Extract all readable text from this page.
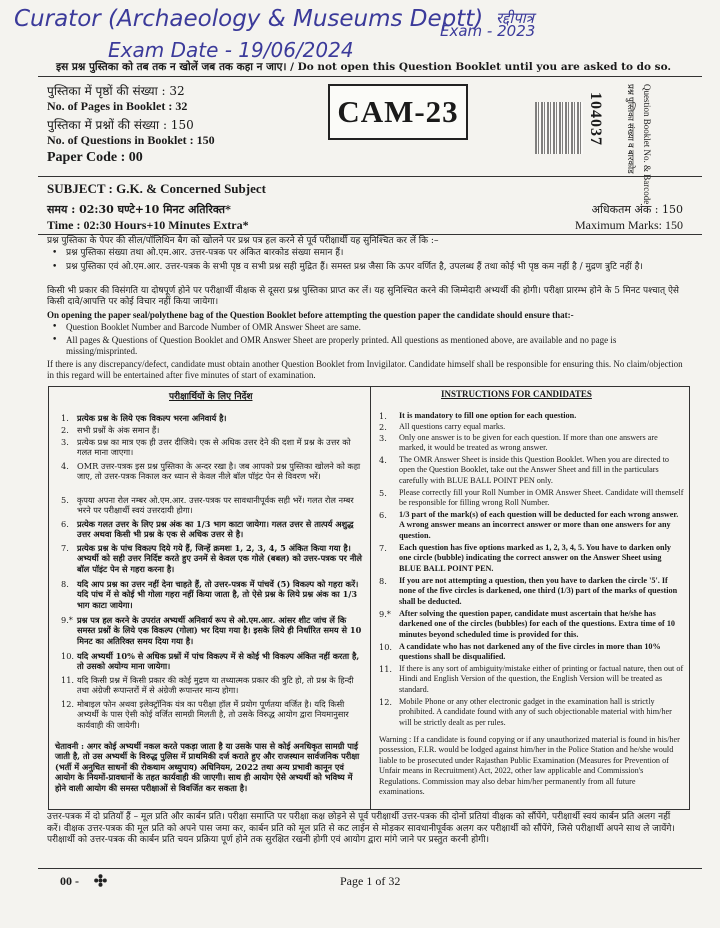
Curator (Archaeology & Museums Deptt) रद्दीपात्र
Exam - 2023
Exam Date - 19/06/2024
इस प्रश्न पुस्तिका को तब तक न खोलें जब तक कहा न जाए। / Do not open this Question Booklet until you are asked to do so.
पुस्तिका में पृष्ठों की संख्या : 32
No. of Pages in Booklet : 32
पुस्तिका में प्रश्नों की संख्या : 150
No. of Questions in Booklet : 150
Paper Code : 00
CAM-23	104037	प्रश्न पुस्तिका संख्या व बारकोड Question Booklet No. & Barcode
SUBJECT : G.K. & Concerned Subject
समय : 02:30 घण्टे+10 मिनट अतिरिक्त*
Time : 02:30 Hours+10 Minutes Extra*
अधिकतम अंक : 150
Maximum Marks: 150
प्रश्न पुस्तिका के पेपर की सील/पॉलिथिन बैग को खोलने पर प्रश्न पत्र हल करने से पूर्व परीक्षार्थी यह सुनिश्चित कर लें कि :–
• प्रश्न पुस्तिका संख्या तथा ओ.एम.आर. उत्तर-पत्रक पर अंकित बारकोड संख्या समान हैं।
• प्रश्न पुस्तिका एवं ओ.एम.आर. उत्तर-पत्रक के सभी पृष्ठ व सभी प्रश्न सही मुद्रित हैं। समस्त प्रश्न जैसा कि ऊपर वर्णित है, उपलब्ध हैं तथा कोई भी पृष्ठ कम नहीं है / मुद्रण त्रुटि नहीं है।
किसी भी प्रकार की विसंगति या दोषपूर्ण होने पर परीक्षार्थी वीक्षक से दूसरा प्रश्न पुस्तिका प्राप्त कर लें। यह सुनिश्चित करने की जिम्मेदारी अभ्यर्थी की होगी। परीक्षा प्रारम्भ होने के 5 मिनट पश्चात् ऐसे किसी दावे/आपत्ति पर कोई विचार नहीं किया जायेगा।
On opening the paper seal/polythene bag of the Question Booklet before attempting the question paper the candidate should ensure that:-
• Question Booklet Number and Barcode Number of OMR Answer Sheet are same.
• All pages & Questions of Question Booklet and OMR Answer Sheet are properly printed. All questions as mentioned above, are available and no page is missing/misprinted.
If there is any discrepancy/defect, candidate must obtain another Question Booklet from Invigilator. Candidate himself shall be responsible for ensuring this. No claim/objection in this regard will be entertained after five minutes of start of examination.
परीक्षार्थियों के लिए निर्देश
1. प्रत्येक प्रश्न के लिये एक विकल्प भरना अनिवार्य है।
2. सभी प्रश्नों के अंक समान हैं।
3. प्रत्येक प्रश्न का मात्र एक ही उत्तर दीजिये। एक से अधिक उत्तर देने की दशा में प्रश्न के उत्तर को गलत माना जाएगा।
4. OMR उत्तर-पत्रक इस प्रश्न पुस्तिका के अन्दर रखा है। जब आपको प्रश्न पुस्तिका खोलने को कहा जाए, तो उत्तर-पत्रक निकाल कर ध्यान से केवल नीले बॉल पॉइंट पेन से विवरण भरें।
5. कृपया अपना रोल नम्बर ओ.एम.आर. उत्तर-पत्रक पर सावधानीपूर्वक सही भरें। गलत रोल नम्बर भरने पर परीक्षार्थी स्वयं उत्तरदायी होगा।
6. प्रत्येक गलत उत्तर के लिए प्रश्न अंक का 1/3 भाग काटा जायेगा। गलत उत्तर से तात्पर्य अशुद्ध उत्तर अथवा किसी भी प्रश्न के एक से अधिक उत्तर से है।
7. प्रत्येक प्रश्न के पांच विकल्प दिये गये हैं, जिन्हें क्रमशः 1, 2, 3, 4, 5 अंकित किया गया है। अभ्यर्थी को सही उत्तर निर्दिष्ट करते हुए उनमें से केवल एक गोले (बबल) को उत्तर-पत्रक पर नीले बॉल पॉइंट पेन से गहरा करना है।
8. यदि आप प्रश्न का उत्तर नहीं देना चाहते हैं, तो उत्तर-पत्रक में पांचवें (5) विकल्प को गहरा करें। यदि पांच में से कोई भी गोला गहरा नहीं किया जाता है, तो ऐसे प्रश्न के लिये प्रश्न अंक का 1/3 भाग काटा जायेगा।
9.* प्रश्न पत्र हल करने के उपरांत अभ्यर्थी अनिवार्य रूप से ओ.एम.आर. आंसर शीट जांच लें कि समस्त प्रश्नों के लिये एक विकल्प (गोला) भर दिया गया है। इसके लिये ही निर्धारित समय से 10 मिनट का अतिरिक्त समय दिया गया है।
10. यदि अभ्यर्थी 10% से अधिक प्रश्नों में पांच विकल्प में से कोई भी विकल्प अंकित नहीं करता है, तो उसको अयोग्य माना जायेगा।
11. यदि किसी प्रश्न में किसी प्रकार की कोई मुद्रण या तथ्यात्मक प्रकार की त्रुटि हो, तो प्रश्न के हिन्दी तथा अंग्रेजी रूपान्तरों में से अंग्रेजी रूपान्तर मान्य होगा।
12. मोबाइल फोन अथवा इलेक्ट्रॉनिक यंत्र का परीक्षा हॉल में प्रयोग पूर्णतया वर्जित है। यदि किसी अभ्यर्थी के पास ऐसी कोई वर्जित सामग्री मिलती है, तो उसके विरुद्ध आयोग द्वारा नियमानुसार कार्यवाही की जायेगी।
चेतावनी : अगर कोई अभ्यर्थी नकल करते पकड़ा जाता है या उसके पास से कोई अनधिकृत सामग्री पाई जाती है, तो उस अभ्यर्थी के विरुद्ध पुलिस में प्राथमिकी दर्ज कराते हुए और राजस्थान सार्वजनिक परीक्षा (भर्ती में अनुचित साधनों की रोकथाम अध्युपाय) अधिनियम, 2022 तथा अन्य प्रभावी कानून एवं आयोग के नियमों-प्रावधानों के तहत कार्यवाही की जाएगी। साथ ही आयोग ऐसे अभ्यर्थी को भविष्य में होने वाली आयोग की समस्त परीक्षाओं से विवर्जित कर सकता है।
INSTRUCTIONS FOR CANDIDATES
1. It is mandatory to fill one option for each question.
2. All questions carry equal marks.
3. Only one answer is to be given for each question. If more than one answers are marked, it would be treated as wrong answer.
4. The OMR Answer Sheet is inside this Question Booklet. When you are directed to open the Question Booklet, take out the Answer Sheet and fill in the particulars carefully with BLUE BALL POINT PEN only.
5. Please correctly fill your Roll Number in OMR Answer Sheet. Candidate will themself be responsible for filling wrong Roll Number.
6. 1/3 part of the mark(s) of each question will be deducted for each wrong answer. A wrong answer means an incorrect answer or more than one answers for any question.
7. Each question has five options marked as 1, 2, 3, 4, 5. You have to darken only one circle (bubble) indicating the correct answer on the Answer Sheet using BLUE BALL POINT PEN.
8. If you are not attempting a question, then you have to darken the circle '5'. If none of the five circles is darkened, one third (1/3) part of the marks of question shall be deducted.
9.* After solving the question paper, candidate must ascertain that he/she has darkened one of the circles (bubbles) for each of the questions. Extra time of 10 minutes beyond scheduled time is provided for this.
10. A candidate who has not darkened any of the five circles in more than 10% questions shall be disqualified.
11. If there is any sort of ambiguity/mistake either of printing or factual nature, then out of Hindi and English Version of the question, the English Version will be treated as standard.
12. Mobile Phone or any other electronic gadget in the examination hall is strictly prohibited. A candidate found with any of such objectionable material with him/her will be strictly dealt as per rules.
Warning : If a candidate is found copying or if any unauthorized material is found in his/her possession, F.I.R. would be lodged against him/her in the Police Station and he/she would liable to be prosecuted under Rajasthan Public Examination (Measures for Prevention of Unfair means in Recruitment) Act, 2022, other law applicable and Commission's Regulations. Commission may also debar him/her permanently from all future examinations.
उत्तर-पत्रक में दो प्रतियाँ हैं – मूल प्रति और कार्बन प्रति। परीक्षा समाप्ति पर परीक्षा कक्ष छोड़ने से पूर्व परीक्षार्थी उत्तर-पत्रक की दोनों प्रतियां वीक्षक को सौंपेंगे, परीक्षार्थी स्वयं कार्बन प्रति अलग नहीं करें। वीक्षक उत्तर-पत्रक की मूल प्रति को अपने पास जमा कर, कार्बन प्रति को मूल प्रति से कट लाईन से मोड़कर सावधानीपूर्वक अलग कर परीक्षार्थी को सौंपेंगे, जिसे परीक्षार्थी अपने साथ ले जायेंगे। परीक्षार्थी को उत्तर-पत्रक की कार्बन प्रति चयन प्रक्रिया पूर्ण होने तक सुरक्षित रखनी होगी एवं आयोग द्वारा मांगे जाने पर प्रस्तुत करनी होगी।
00 -	Page 1 of 32
